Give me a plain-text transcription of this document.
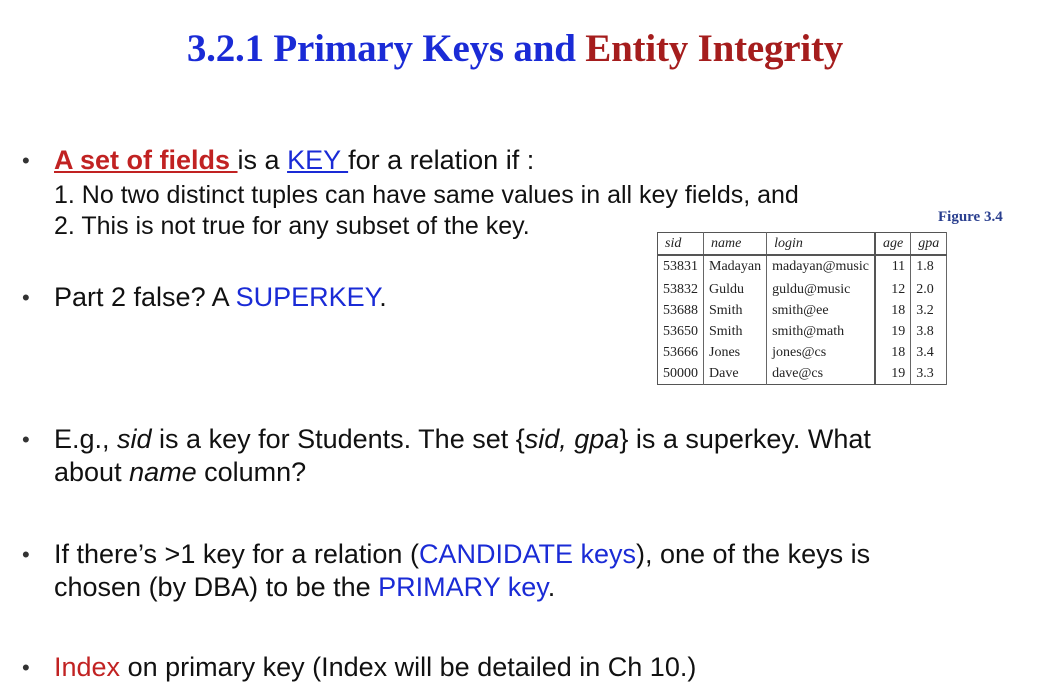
3.2.1 Primary Keys and Entity Integrity
• A set of fields is a KEY for a relation if :
1. No two distinct tuples can have same values in all key fields, and
2. This is not true for any subset of the key.
• Part 2 false? A SUPERKEY.
Figure 3.4
sid	name	login	age	gpa
53831	Madayan	madayan@music	11	1.8
53832	Guldu	guldu@music	12	2.0
53688	Smith	smith@ee	18	3.2
53650	Smith	smith@math	19	3.8
53666	Jones	jones@cs	18	3.4
50000	Dave	dave@cs	19	3.3
• E.g., sid is a key for Students. The set {sid, gpa} is a superkey. What
about name column?
• If there’s >1 key for a relation (CANDIDATE keys), one of the keys is
chosen (by DBA) to be the PRIMARY key.
• Index on primary key (Index will be detailed in Ch 10.)
